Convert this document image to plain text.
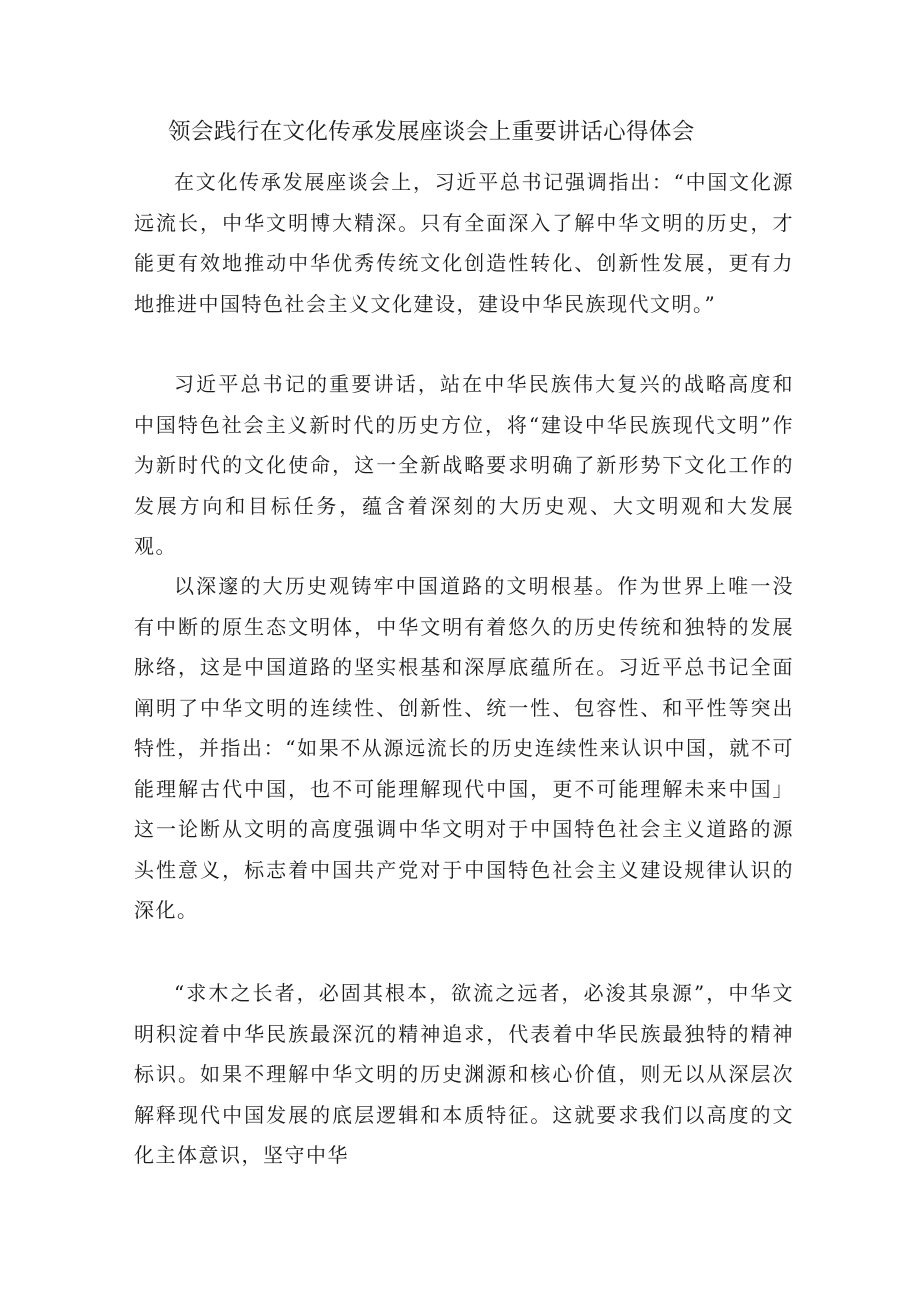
领会践行在文化传承发展座谈会上重要讲话心得体会

在文化传承发展座谈会上，习近平总书记强调指出：“中国文化源远流长，中华文明博大精深。只有全面深入了解中华文明的历史，才能更有效地推动中华优秀传统文化创造性转化、创新性发展，更有力地推进中国特色社会主义文化建设，建设中华民族现代文明。”

习近平总书记的重要讲话，站在中华民族伟大复兴的战略高度和中国特色社会主义新时代的历史方位，将“建设中华民族现代文明”作为新时代的文化使命，这一全新战略要求明确了新形势下文化工作的发展方向和目标任务，蕴含着深刻的大历史观、大文明观和大发展观。

以深邃的大历史观铸牢中国道路的文明根基。作为世界上唯一没有中断的原生态文明体，中华文明有着悠久的历史传统和独特的发展脉络，这是中国道路的坚实根基和深厚底蕴所在。习近平总书记全面阐明了中华文明的连续性、创新性、统一性、包容性、和平性等突出特性，并指出：“如果不从源远流长的历史连续性来认识中国，就不可能理解古代中国，也不可能理解现代中国，更不可能理解未来中国」这一论断从文明的高度强调中华文明对于中国特色社会主义道路的源头性意义，标志着中国共产党对于中国特色社会主义建设规律认识的深化。

“求木之长者，必固其根本，欲流之远者，必浚其泉源”，中华文明积淀着中华民族最深沉的精神追求，代表着中华民族最独特的精神标识。如果不理解中华文明的历史渊源和核心价值，则无以从深层次解释现代中国发展的底层逻辑和本质特征。这就要求我们以高度的文化主体意识，坚守中华
